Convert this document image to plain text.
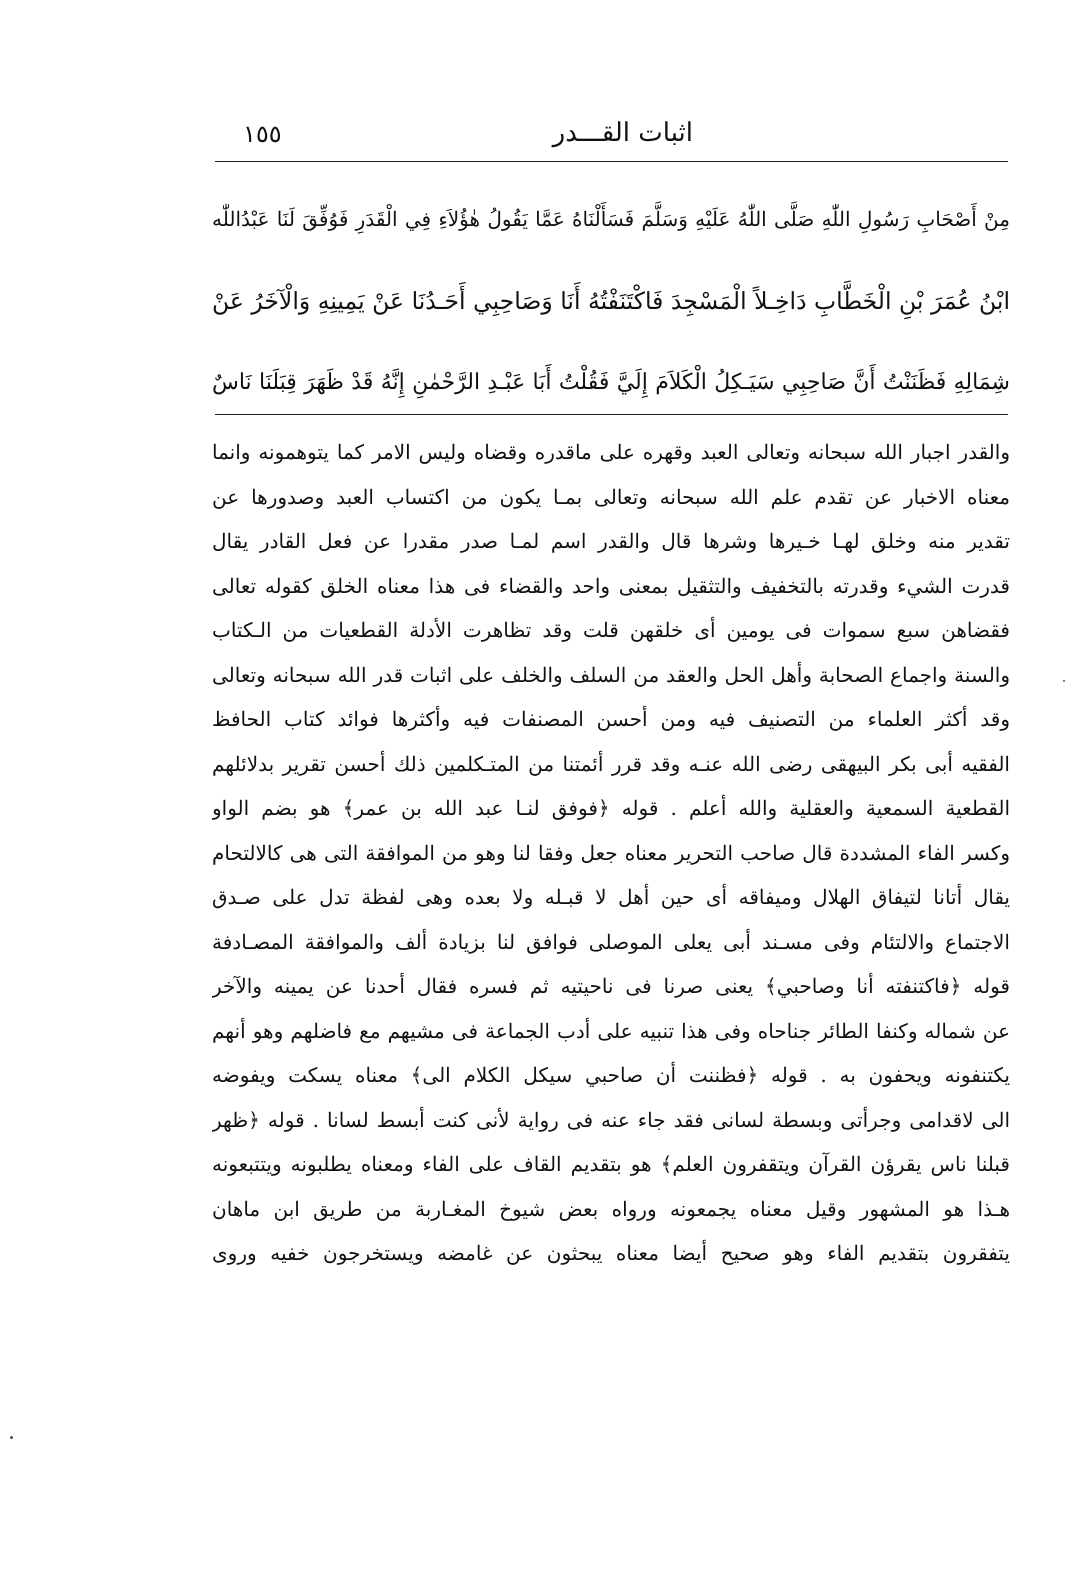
اثبات القـــدر
١٥٥
مِنْ أَصْحَابِ رَسُولِ اللّٰهِ صَلَّى اللّٰهُ عَلَيْهِ وَسَلَّمَ فَسَأَلْنَاهُ عَمَّا يَقُولُ هٰؤُلاَءِ فِي الْقَدَرِ فَوُفِّقَ لَنَا عَبْدُاللّٰه
ابْنُ عُمَرَ بْنِ الْخَطَّابِ دَاخِـلاً الْمَسْجِدَ فَاكْتَنَفْتُهُ أَنَا وَصَاحِبِي أَحَـدُنَا عَنْ يَمِينِهِ وَالْآخَرُ عَنْ
شِمَالِهِ فَظَنَنْتُ أَنَّ صَاحِبِي سَيَـكِلُ الْكَلاَمَ إِلَيَّ فَقُلْتُ أَبَا عَبْـدِ الرَّحْمٰنِ إِنَّهُ قَدْ ظَهَرَ قِبَلَنَا نَاسٌ
والقدر اجبار الله سبحانه وتعالى العبد وقهره على ماقدره وقضاه وليس الامر كما يتوهمونه وانما
معناه الاخبار عن تقدم علم الله سبحانه وتعالى بمـا يكون من اكتساب العبد وصدورها عن
تقدير منه وخلق لهـا خـيرها وشرها قال والقدر اسم لمـا صدر مقدرا عن فعل القادر يقال
قدرت الشيء وقدرته بالتخفيف والتثقيل بمعنى واحد والقضاء فى هذا معناه الخلق كقوله تعالى
فقضاهن سبع سموات فى يومين أى خلقهن قلت وقد تظاهرت الأدلة القطعيات من الـكتاب
والسنة واجماع الصحابة وأهل الحل والعقد من السلف والخلف على اثبات قدر الله سبحانه وتعالى
وقد أكثر العلماء من التصنيف فيه ومن أحسن المصنفات فيه وأكثرها فوائد كتاب الحافظ
الفقيه أبى بكر البيهقى رضى الله عنـه وقد قرر أئمتنا من المتـكلمين ذلك أحسن تقرير بدلائلهم
القطعية السمعية والعقلية والله أعلم . قوله ﴿فوفق لنـا عبد الله بن عمر﴾ هو بضم الواو
وكسر الفاء المشددة قال صاحب التحرير معناه جعل وفقا لنا وهو من الموافقة التى هى كالالتحام
يقال أتانا لتيفاق الهلال وميفاقه أى حين أهل لا قبـله ولا بعده وهى لفظة تدل على صـدق
الاجتماع والالتئام وفى مسـند أبى يعلى الموصلى فوافق لنا بزيادة ألف والموافقة المصـادفة
قوله ﴿فاكتنفته أنا وصاحبي﴾ يعنى صرنا فى ناحيتيه ثم فسره فقال أحدنا عن يمينه والآخر
عن شماله وكنفا الطائر جناحاه وفى هذا تنبيه على أدب الجماعة فى مشيهم مع فاضلهم وهو أنهم
يكتنفونه ويحفون به . قوله ﴿فظننت أن صاحبي سيكل الكلام الى﴾ معناه يسكت ويفوضه
الى لاقدامى وجرأتى وبسطة لسانى فقد جاء عنه فى رواية لأنى كنت أبسط لسانا . قوله ﴿ظهر
قبلنا ناس يقرؤن القرآن ويتقفرون العلم﴾ هو بتقديم القاف على الفاء ومعناه يطلبونه ويتتبعونه
هـذا هو المشهور وقيل معناه يجمعونه ورواه بعض شيوخ المغـاربة من طريق ابن ماهان
يتفقرون بتقديم الفاء وهو صحيح أيضا معناه يبحثون عن غامضه ويستخرجون خفيه وروى
